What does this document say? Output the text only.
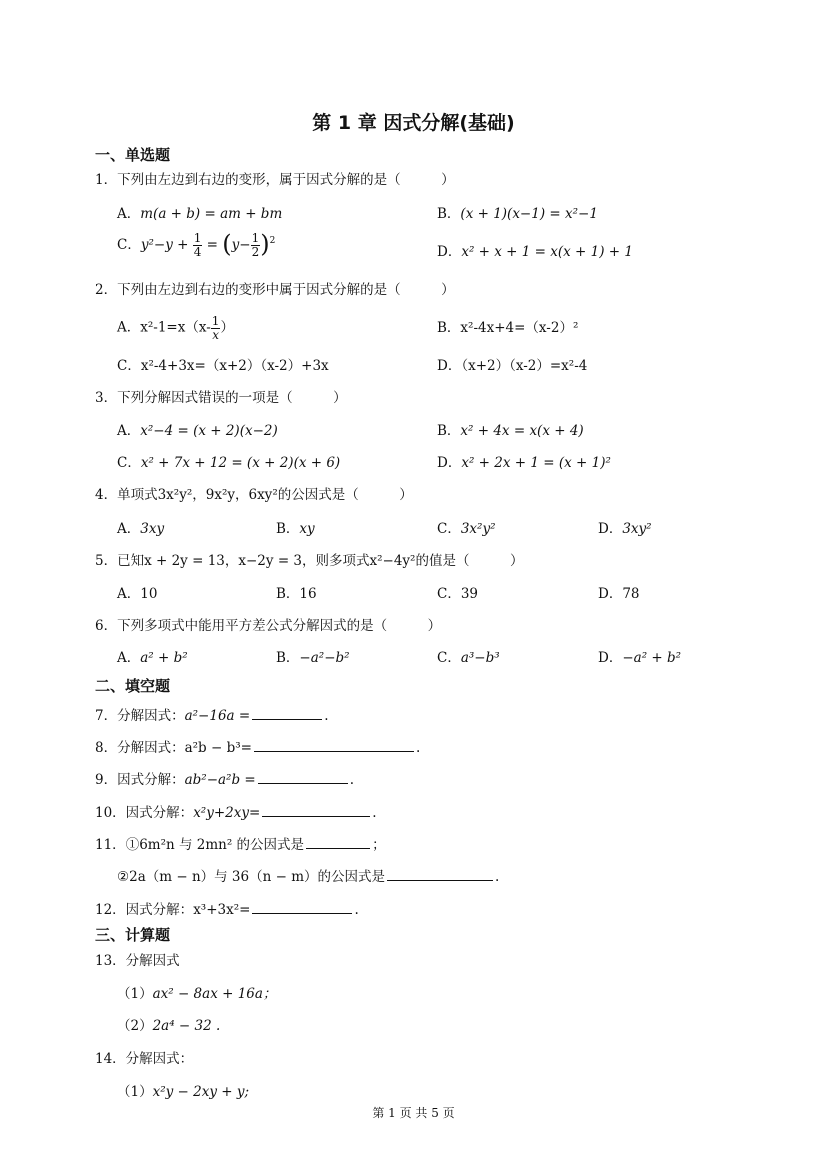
第 1 章 因式分解(基础)
一、单选题
1．下列由左边到右边的变形，属于因式分解的是（　　　）
A．m(a + b) = am + bm	B．(x + 1)(x−1) = x²−1
C．$y^2-y + \frac{1}{4} = (y- \frac{1}{2} )^2$
D．x² + x + 1 = x(x + 1) + 1
2．下列由左边到右边的变形中属于因式分解的是（　　　）
A．$x^2-1=x(x- \frac{1}{x}$ ）	B．x²-4x+4=（x-2）²
C．x²-4+3x=（x+2）（x-2）+3x	D．（x+2）（x-2）=x²-4
3．下列分解因式错误的一项是（　　　）
A．x²−4 = (x + 2)(x−2)	B．x² + 4x = x(x + 4)
C．x² + 7x + 12 = (x + 2)(x + 6)	D．x² + 2x + 1 = (x + 1)²
4．单项式3x²y²，9x²y，6xy²的公因式是（　　　）
A．3xy	B．xy	C．3x²y²	D．3xy²
5．已知x + 2y = 13，x−2y = 3，则多项式x²−4y²的值是（　　　）
A．10	B．16	C．39	D．78
6．下列多项式中能用平方差公式分解因式的是（　　　）
A．a² + b²	B．−a²−b²	C．a³−b³	D．−a² + b²
二、填空题
7．分解因式：a²−16a =	.
8．分解因式：a²b − b³=	.
9．因式分解：ab²−a²b =	.
10．因式分解：x²y+2xy=	.
11．①6m²n 与 2mn² 的公因式是	；
②2a（m − n）与 36（n − m）的公因式是	.
12．因式分解：x³+3x²=	.
三、计算题
13．分解因式
（1）ax² − 8ax + 16a；
（2）2a⁴ − 32 .
14．分解因式：
（1）x²y − 2xy + y;
第 1 页 共 5 页
